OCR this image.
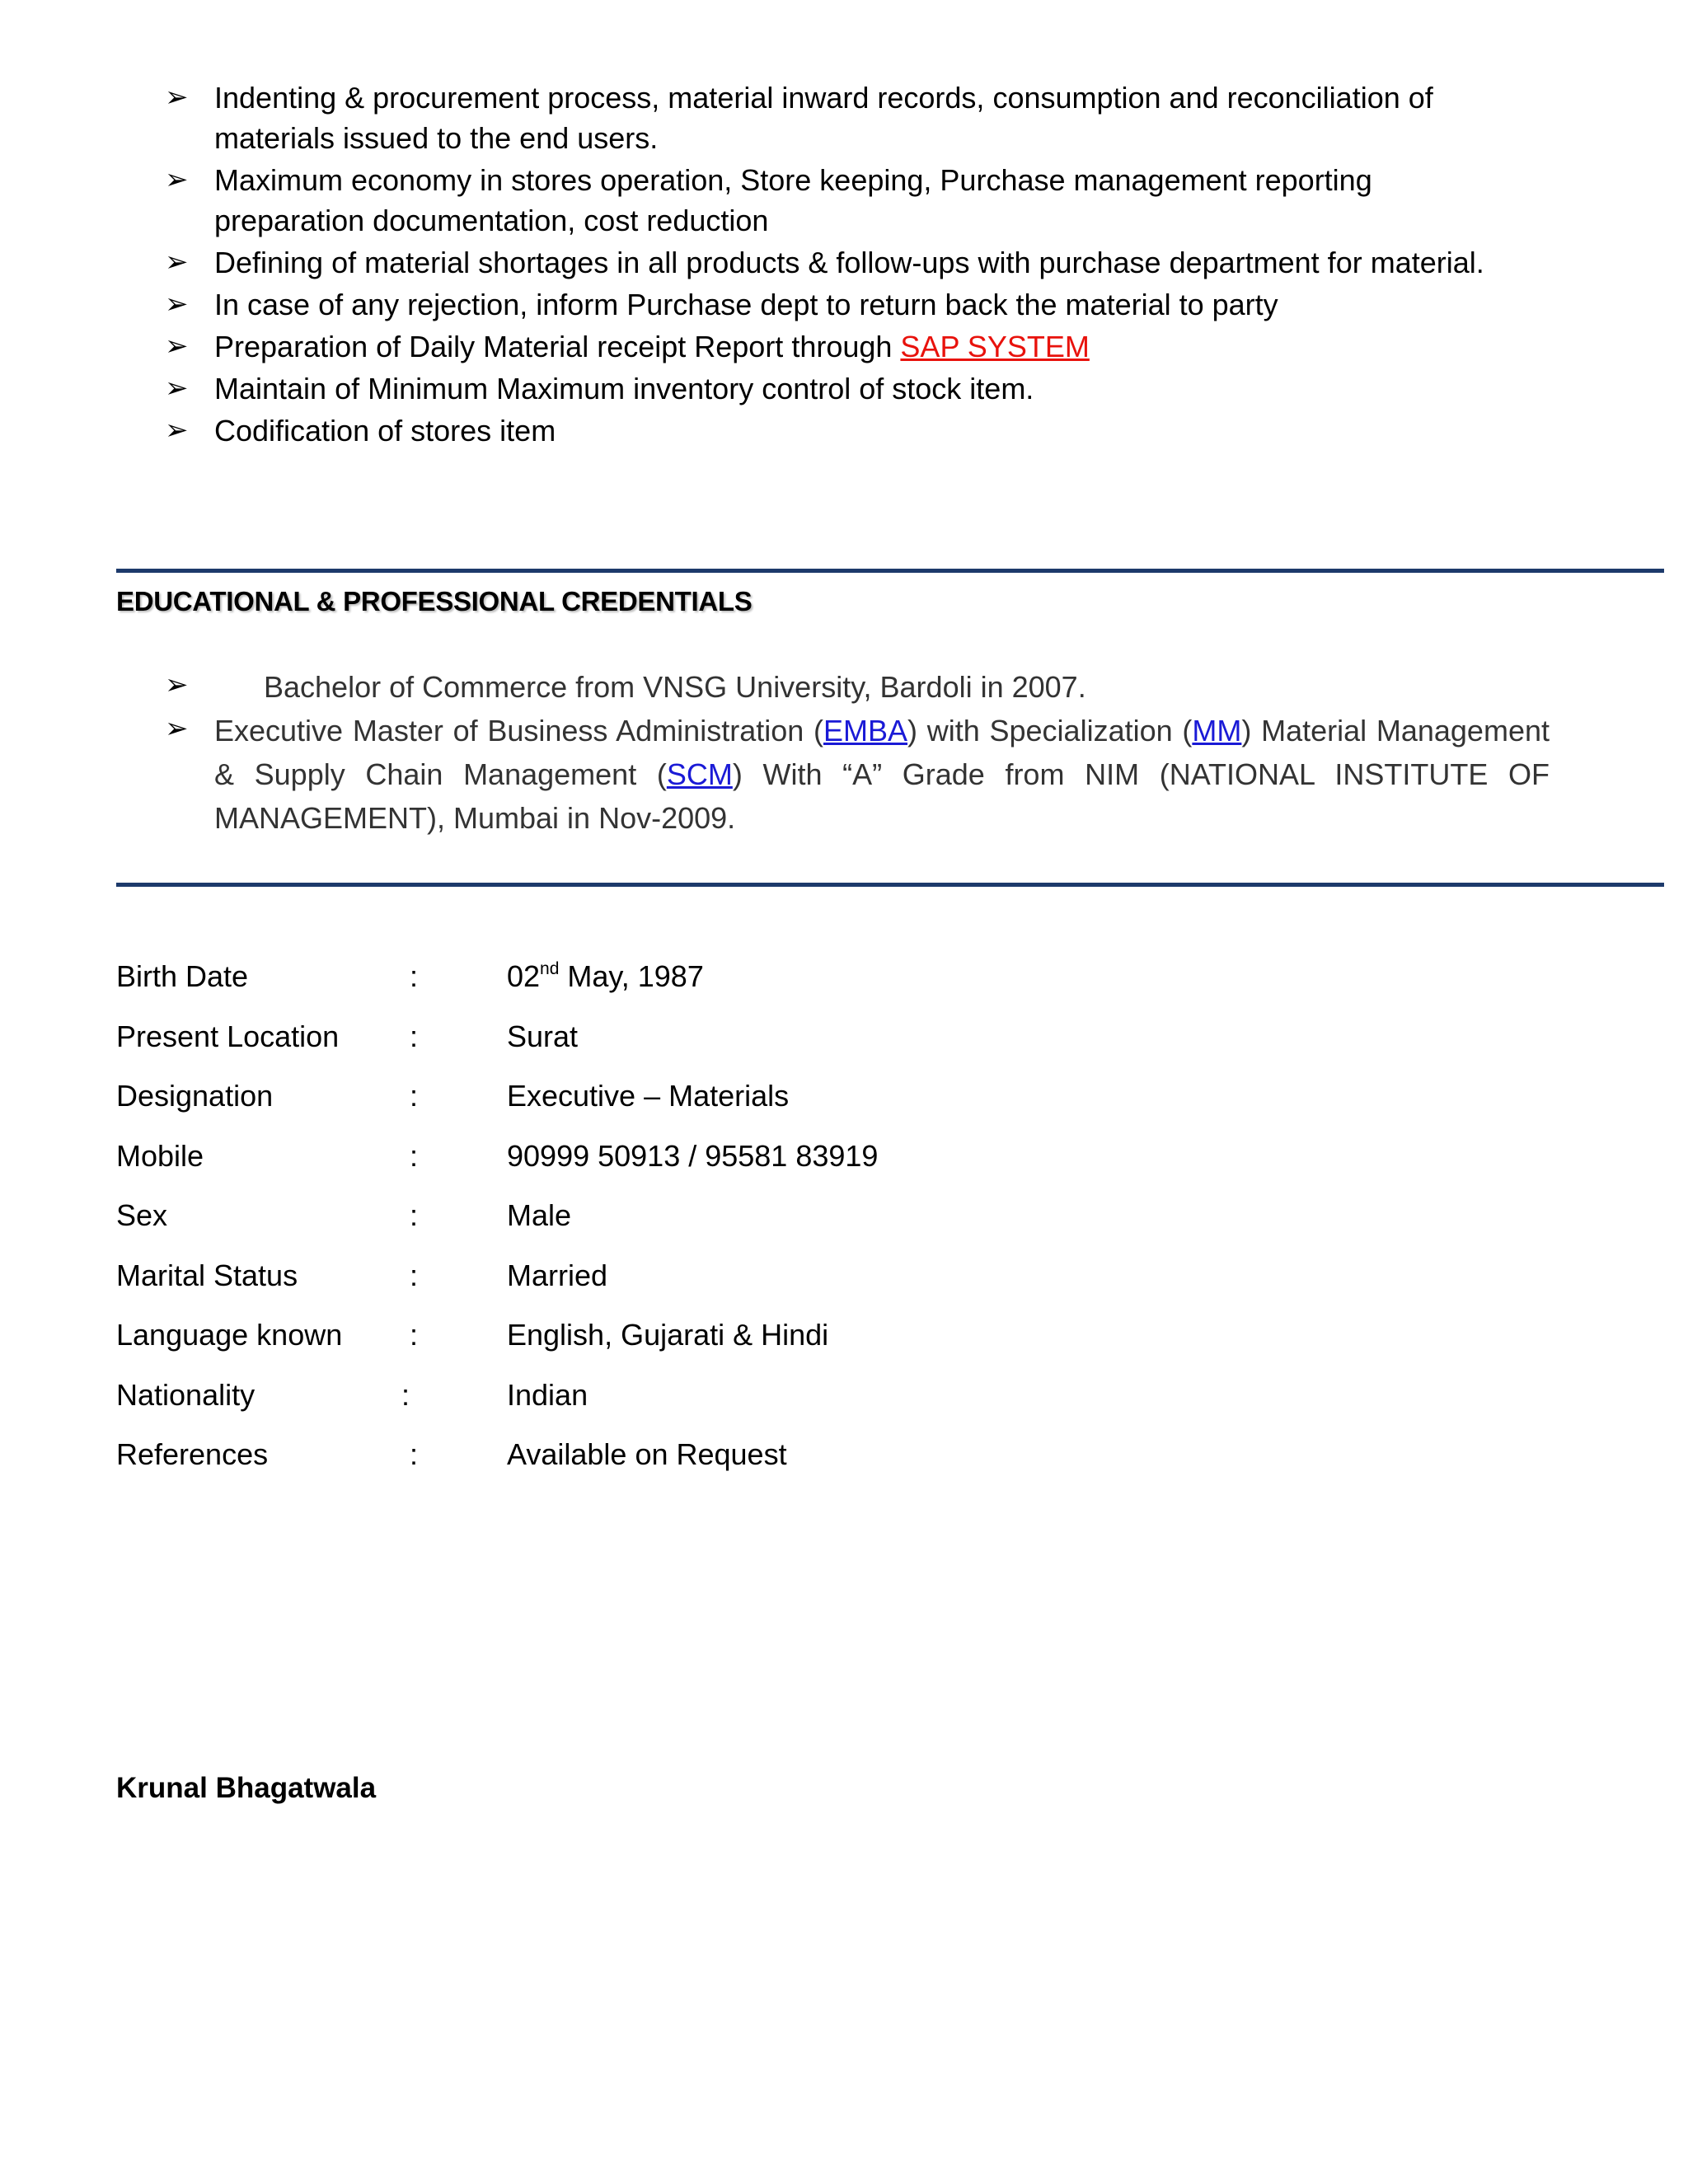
➢ Indenting & procurement process, material inward records, consumption and reconciliation of
materials issued to the end users.
➢ Maximum economy in stores operation, Store keeping, Purchase management reporting
preparation documentation, cost reduction
➢ Defining of material shortages in all products & follow-ups with purchase department for material.
➢ In case of any rejection, inform Purchase dept to return back the material to party
➢ Preparation of Daily Material receipt Report through SAP SYSTEM
➢ Maintain of Minimum Maximum inventory control of stock item.
➢ Codification of stores item
EDUCATIONAL & PROFESSIONAL CREDENTIALS
➢	Bachelor of Commerce from VNSG University, Bardoli in 2007.
➢ Executive Master of Business Administration (EMBA) with Specialization (MM) Material Management & Supply Chain Management (SCM) With “A” Grade from NIM (NATIONAL INSTITUTE OF MANAGEMENT), Mumbai in Nov-2009.
Birth Date	:	02nd May, 1987
Present Location :	Surat
Designation	:	Executive – Materials
Mobile	:	90999 50913 / 95581 83919
Sex	:	Male
Marital Status	:	Married
Language known :	English, Gujarati & Hindi
Nationality	:	Indian
References	:	Available on Request
Krunal Bhagatwala
